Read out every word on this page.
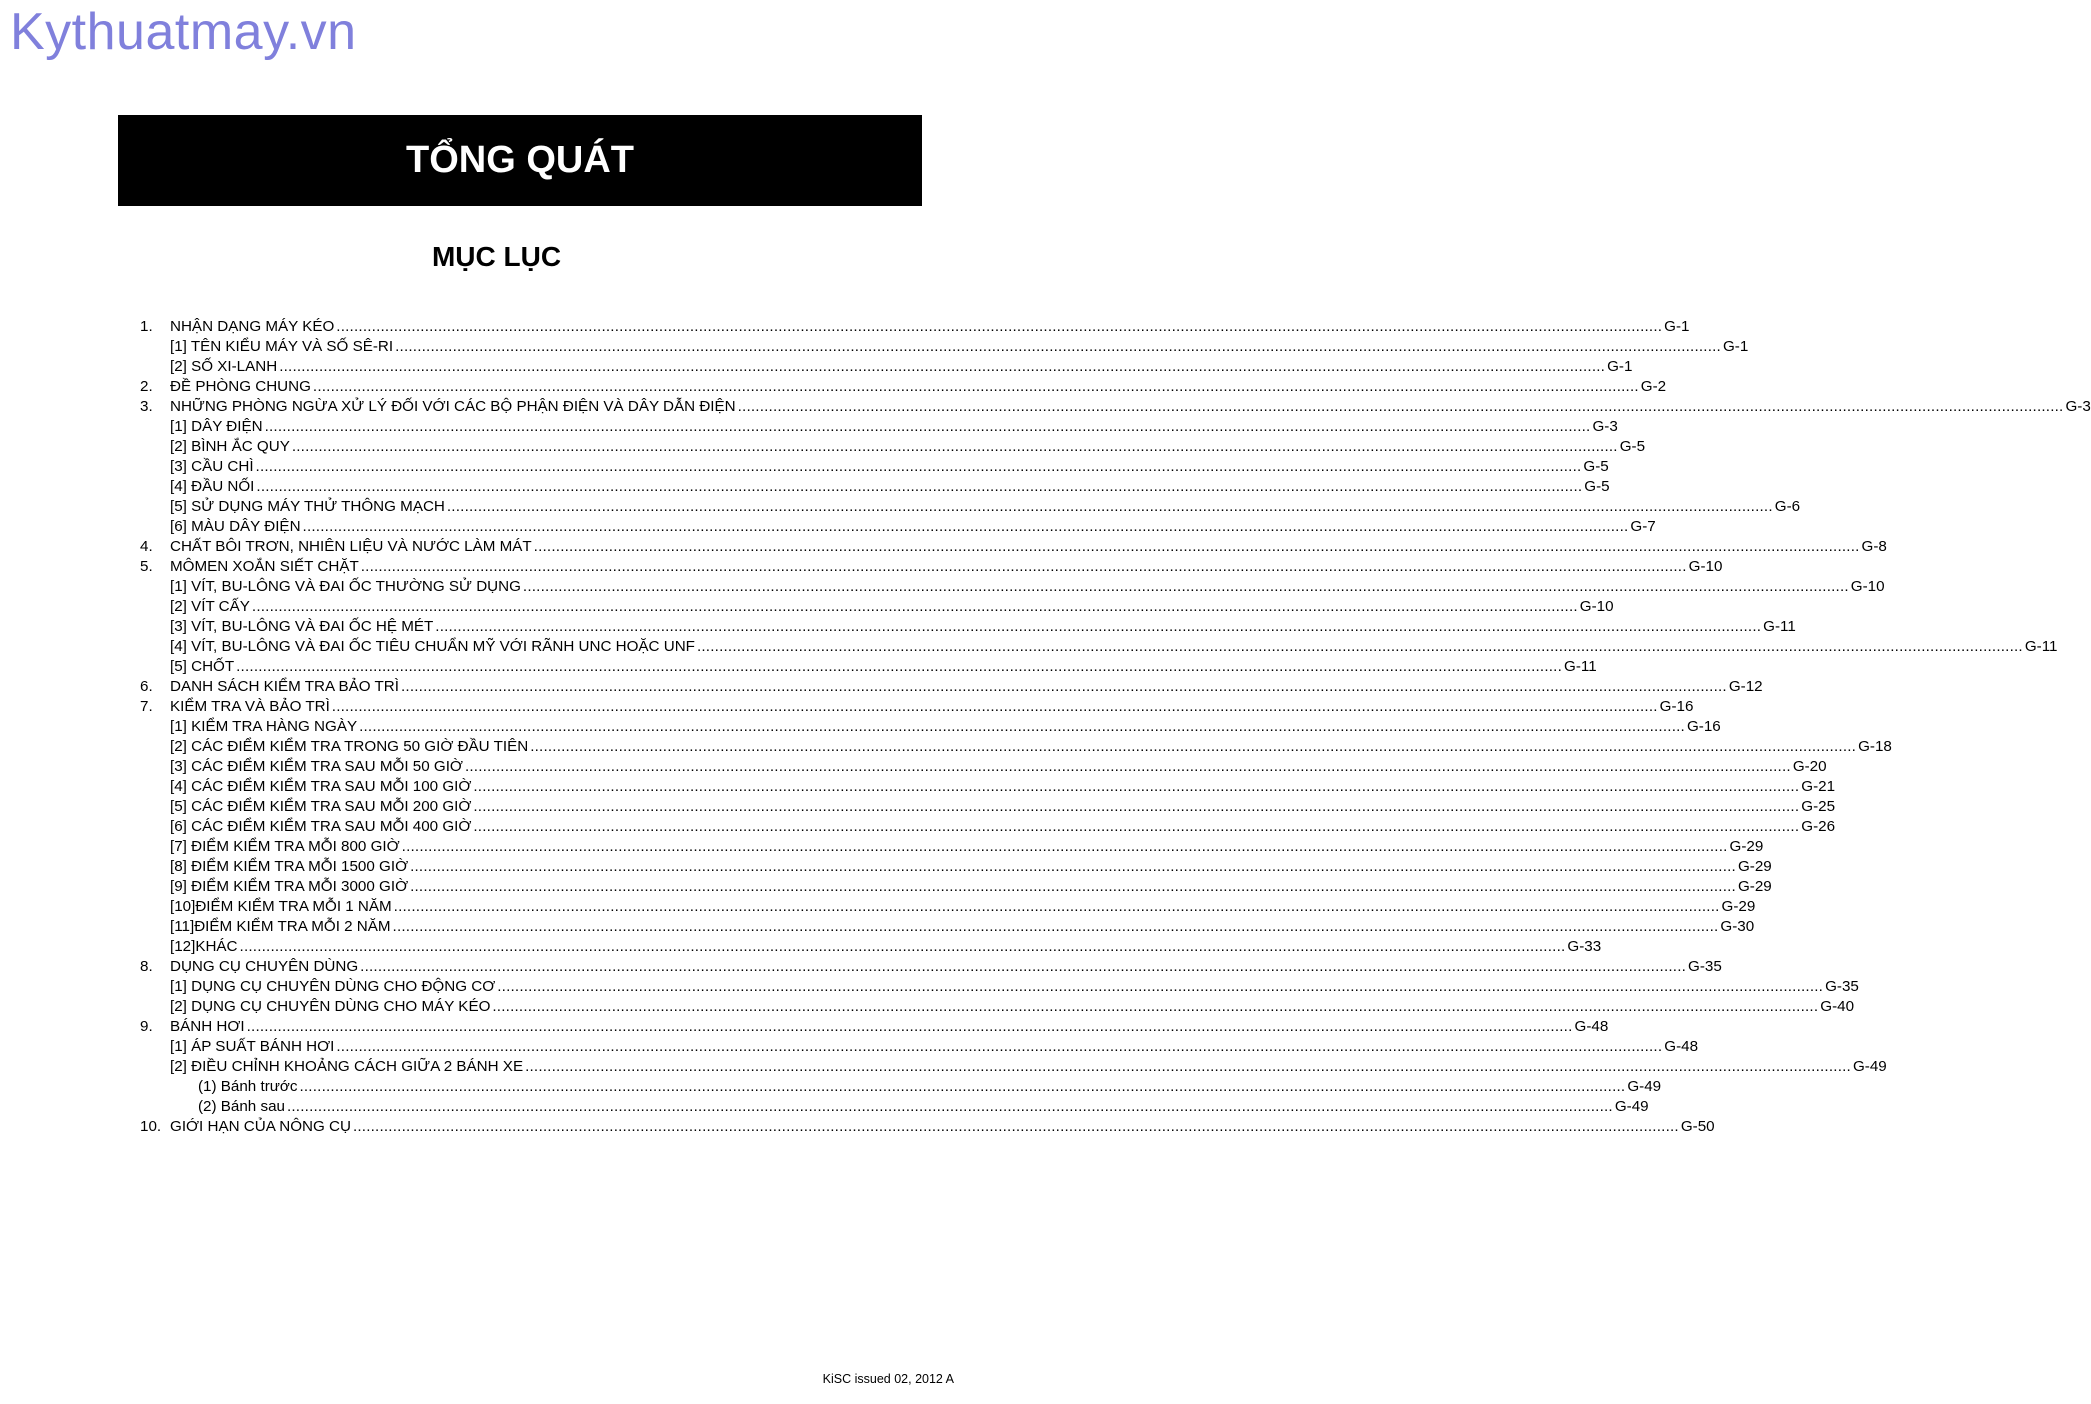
Kythuatmay.vn
TỔNG QUÁT
MỤC LỤC
1. NHẬN DẠNG MÁY KÉO ............................................................................................................................................................................................................................................................................................................ G-1
[1] TÊN KIỂU MÁY VÀ SỐ SÊ-RI ............................................................................................................................................................................................................................................................................................................ G-1
[2] SỐ XI-LANH ............................................................................................................................................................................................................................................................................................................ G-1
2. ĐỀ PHÒNG CHUNG ............................................................................................................................................................................................................................................................................................................ G-2
3. NHỮNG PHÒNG NGỪA XỬ LÝ ĐỐI VỚI CÁC BỘ PHẬN ĐIỆN VÀ DÂY DẪN ĐIỆN ............................................................................................................................................................................................................................................................................................................ G-3
[1] DÂY ĐIỆN ............................................................................................................................................................................................................................................................................................................ G-3
[2] BÌNH ẮC QUY ............................................................................................................................................................................................................................................................................................................ G-5
[3] CẦU CHÌ ............................................................................................................................................................................................................................................................................................................ G-5
[4] ĐẦU NỐI ............................................................................................................................................................................................................................................................................................................ G-5
[5] SỬ DỤNG MÁY THỬ THÔNG MẠCH ............................................................................................................................................................................................................................................................................................................ G-6
[6] MÀU DÂY ĐIỆN ............................................................................................................................................................................................................................................................................................................ G-7
4. CHẤT BÔI TRƠN, NHIÊN LIỆU VÀ NƯỚC LÀM MÁT ............................................................................................................................................................................................................................................................................................................ G-8
5. MÔMEN XOẮN SIẾT CHẶT ............................................................................................................................................................................................................................................................................................................ G-10
[1] VÍT, BU-LÔNG VÀ ĐAI ỐC THƯỜNG SỬ DỤNG ............................................................................................................................................................................................................................................................................................................ G-10
[2] VÍT CẤY ............................................................................................................................................................................................................................................................................................................ G-10
[3] VÍT, BU-LÔNG VÀ ĐAI ỐC HỆ MÉT ............................................................................................................................................................................................................................................................................................................ G-11
[4] VÍT, BU-LÔNG VÀ ĐAI ỐC TIÊU CHUẨN MỸ VỚI RÃNH UNC HOẶC UNF ............................................................................................................................................................................................................................................................................................................ G-11
[5] CHỐT ............................................................................................................................................................................................................................................................................................................ G-11
6. DANH SÁCH KIỂM TRA BẢO TRÌ ............................................................................................................................................................................................................................................................................................................ G-12
7. KIỂM TRA VÀ BẢO TRÌ ............................................................................................................................................................................................................................................................................................................ G-16
[1] KIỂM TRA HÀNG NGÀY ............................................................................................................................................................................................................................................................................................................ G-16
[2] CÁC ĐIỂM KIỂM TRA TRONG 50 GIỜ ĐẦU TIÊN ............................................................................................................................................................................................................................................................................................................ G-18
[3] CÁC ĐIỂM KIỂM TRA SAU MỖI 50 GIỜ ............................................................................................................................................................................................................................................................................................................ G-20
[4] CÁC ĐIỂM KIỂM TRA SAU MỖI 100 GIỜ ............................................................................................................................................................................................................................................................................................................ G-21
[5] CÁC ĐIỂM KIỂM TRA SAU MỖI 200 GIỜ ............................................................................................................................................................................................................................................................................................................ G-25
[6] CÁC ĐIỂM KIỂM TRA SAU MỖI 400 GIỜ ............................................................................................................................................................................................................................................................................................................ G-26
[7] ĐIỂM KIỂM TRA MỖI 800 GIỜ ............................................................................................................................................................................................................................................................................................................ G-29
[8] ĐIỂM KIỂM TRA MỖI 1500 GIỜ ............................................................................................................................................................................................................................................................................................................ G-29
[9] ĐIỂM KIỂM TRA MỖI 3000 GIỜ ............................................................................................................................................................................................................................................................................................................ G-29
[10]ĐIỂM KIỂM TRA MỖI 1 NĂM ............................................................................................................................................................................................................................................................................................................ G-29
[11]ĐIỂM KIỂM TRA MỖI 2 NĂM ............................................................................................................................................................................................................................................................................................................ G-30
[12]KHÁC ............................................................................................................................................................................................................................................................................................................ G-33
8. DỤNG CỤ CHUYÊN DÙNG ............................................................................................................................................................................................................................................................................................................ G-35
[1] DỤNG CỤ CHUYÊN DÙNG CHO ĐỘNG CƠ ............................................................................................................................................................................................................................................................................................................ G-35
[2] DỤNG CỤ CHUYÊN DÙNG CHO MÁY KÉO ............................................................................................................................................................................................................................................................................................................ G-40
9. BÁNH HƠI ............................................................................................................................................................................................................................................................................................................ G-48
[1] ÁP SUẤT BÁNH HƠI ............................................................................................................................................................................................................................................................................................................ G-48
[2] ĐIỀU CHỈNH KHOẢNG CÁCH GIỮA 2 BÁNH XE ............................................................................................................................................................................................................................................................................................................ G-49
(1) Bánh trước ............................................................................................................................................................................................................................................................................................................ G-49
(2) Bánh sau ............................................................................................................................................................................................................................................................................................................ G-49
10. GIỚI HẠN CỦA NÔNG CỤ ............................................................................................................................................................................................................................................................................................................ G-50
KiSC issued 02, 2012 A
